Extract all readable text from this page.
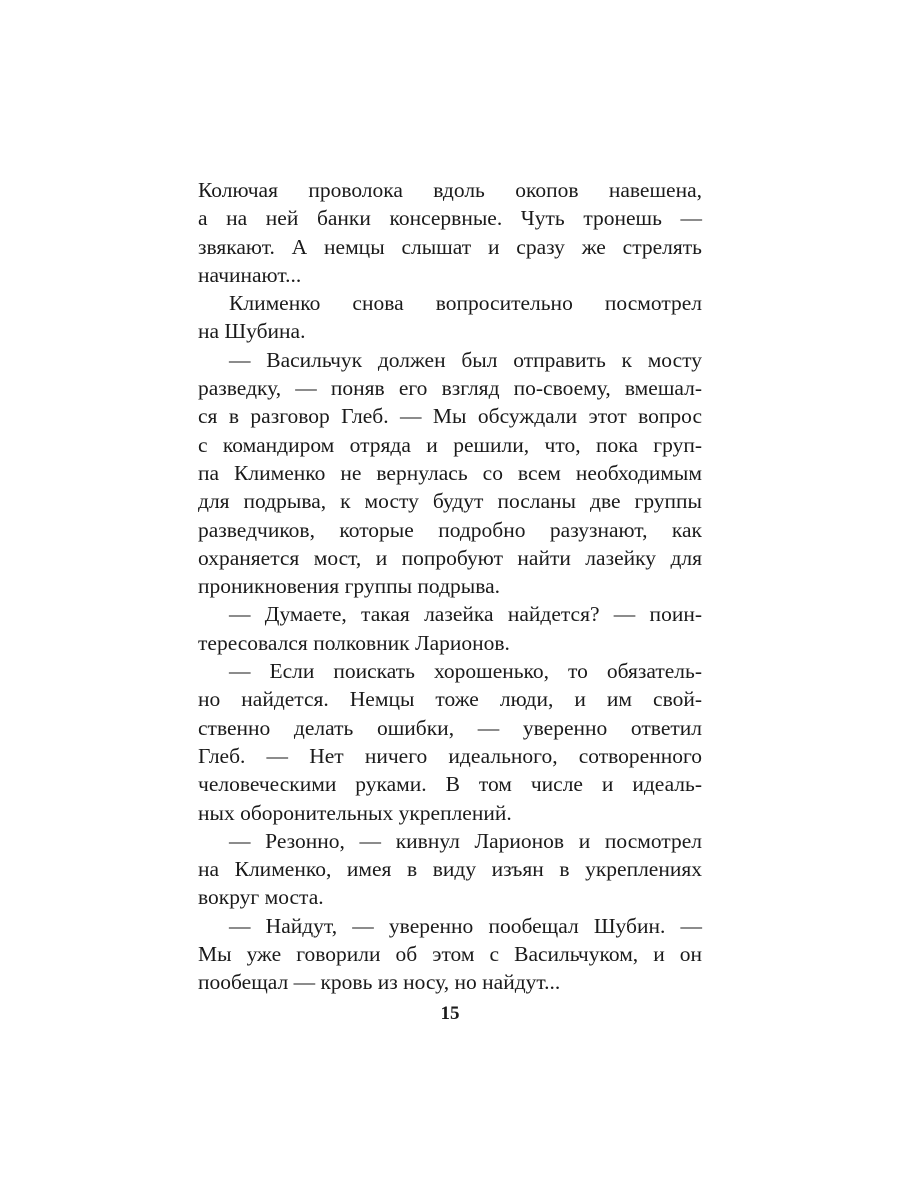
Колючая проволока вдоль окопов навешена,
а на ней банки консервные. Чуть тронешь —
звякают. А немцы слышат и сразу же стрелять
начинают...
Клименко снова вопросительно посмотрел
на Шубина.
— Васильчук должен был отправить к мосту
разведку, — поняв его взгляд по-своему, вмешал-
ся в разговор Глеб. — Мы обсуждали этот вопрос
с командиром отряда и решили, что, пока груп-
па Клименко не вернулась со всем необходимым
для подрыва, к мосту будут посланы две группы
разведчиков, которые подробно разузнают, как
охраняется мост, и попробуют найти лазейку для
проникновения группы подрыва.
— Думаете, такая лазейка найдется? — поин-
тересовался полковник Ларионов.
— Если поискать хорошенько, то обязатель-
но найдется. Немцы тоже люди, и им свой-
ственно делать ошибки, — уверенно ответил
Глеб. — Нет ничего идеального, сотворенного
человеческими руками. В том числе и идеаль-
ных оборонительных укреплений.
— Резонно, — кивнул Ларионов и посмотрел
на Клименко, имея в виду изъян в укреплениях
вокруг моста.
— Найдут, — уверенно пообещал Шубин. —
Мы уже говорили об этом с Васильчуком, и он
пообещал — кровь из носу, но найдут...
15
